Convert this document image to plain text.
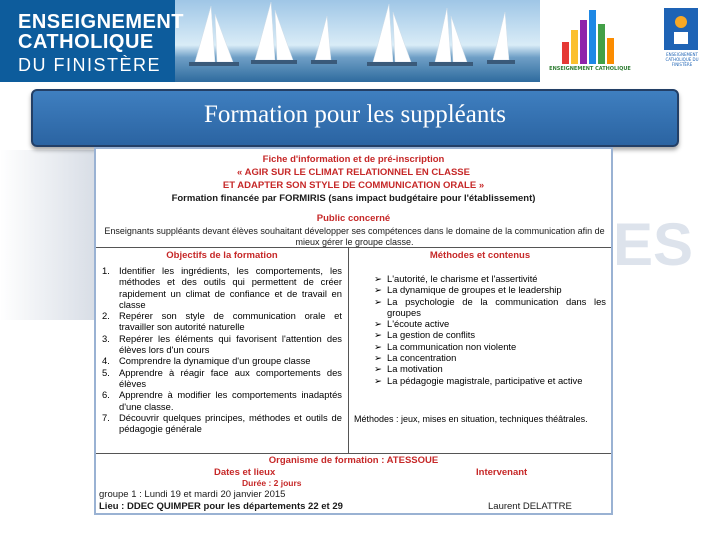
ENSEIGNEMENT
CATHOLIQUE
DU FINISTÈRE	ENSEIGNEMENT CATHOLIQUE
ENSEIGNEMENT CATHOLIQUE DU FINISTÈRE
ES
Formation pour les suppléants
Fiche d'information et de pré-inscription
« AGIR SUR LE CLIMAT RELATIONNEL EN CLASSE
ET ADAPTER SON STYLE DE COMMUNICATION ORALE »
Formation financée par FORMIRIS (sans impact budgétaire pour l'établissement)
Public concerné
Enseignants suppléants devant élèves souhaitant développer ses compétences dans le domaine de la communication afin de mieux gérer le groupe classe.
Objectifs de la formation	Méthodes et contenus
1. Identifier les ingrédients, les comportements, les méthodes et des outils qui permettent de créer rapidement un climat de confiance et de travail en classe
2. Repérer son style de communication orale et travailler son autorité naturelle
3. Repérer les éléments qui favorisent l'attention des élèves lors d'un cours
4. Comprendre la dynamique d'un groupe classe
5. Apprendre à réagir face aux comportements des élèves
6. Apprendre à modifier les comportements inadaptés d'une classe.
7. Découvrir quelques principes, méthodes et outils de pédagogie générale
➢ L'autorité, le charisme et l'assertivité
➢ La dynamique de groupes et le leadership
➢ La psychologie de la communication dans les groupes
➢ L'écoute active
➢ La gestion de conflits
➢ La communication non violente
➢ La concentration
➢ La motivation
➢ La pédagogie magistrale, participative et active
Méthodes : jeux, mises en situation, techniques théâtrales.
Organisme de formation : ATESSOUE
Dates et lieux	Intervenant
Durée : 2 jours
groupe 1 : Lundi 19 et mardi 20 janvier 2015
Lieu : DDEC QUIMPER pour les départements 22 et 29	Laurent DELATTRE
